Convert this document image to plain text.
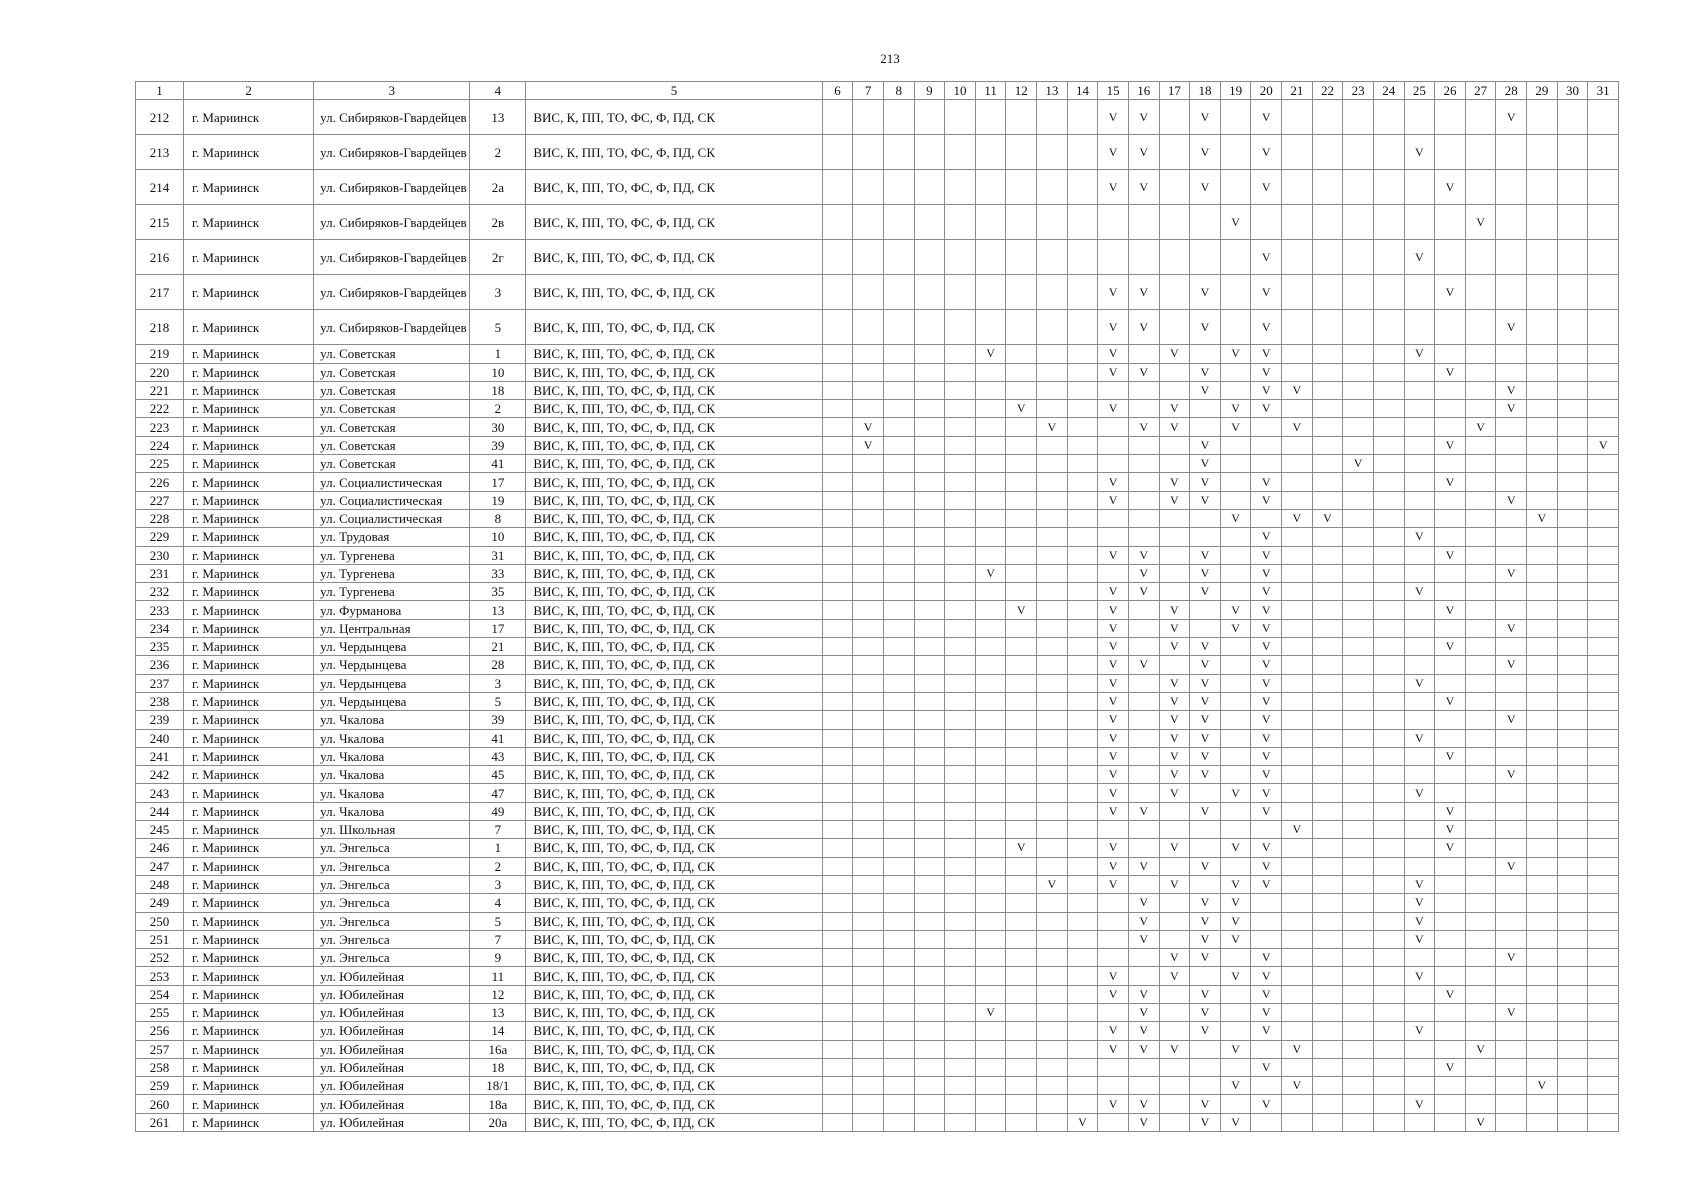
213
1	2	3	4	5	6	7	8	9	10	11	12	13	14	15	16	17	18	19	20	21	22	23	24	25	26	27	28	29	30	31
212	г. Мариинск	ул. Сибиряков-Гвардейцев	13	ВИС, К, ПП, ТО, ФС, Ф, ПД, СК										V	V		V		V								V			
213	г. Мариинск	ул. Сибиряков-Гвардейцев	2	ВИС, К, ПП, ТО, ФС, Ф, ПД, СК										V	V		V		V					V						
214	г. Мариинск	ул. Сибиряков-Гвардейцев	2а	ВИС, К, ПП, ТО, ФС, Ф, ПД, СК										V	V		V		V						V					
215	г. Мариинск	ул. Сибиряков-Гвардейцев	2в	ВИС, К, ПП, ТО, ФС, Ф, ПД, СК														V								V				
216	г. Мариинск	ул. Сибиряков-Гвардейцев	2г	ВИС, К, ПП, ТО, ФС, Ф, ПД, СК															V					V						
217	г. Мариинск	ул. Сибиряков-Гвардейцев	3	ВИС, К, ПП, ТО, ФС, Ф, ПД, СК										V	V		V		V						V					
218	г. Мариинск	ул. Сибиряков-Гвардейцев	5	ВИС, К, ПП, ТО, ФС, Ф, ПД, СК										V	V		V		V								V			
219	г. Мариинск	ул. Советская	1	ВИС, К, ПП, ТО, ФС, Ф, ПД, СК						V				V		V		V	V					V						
220	г. Мариинск	ул. Советская	10	ВИС, К, ПП, ТО, ФС, Ф, ПД, СК										V	V		V		V						V					
221	г. Мариинск	ул. Советская	18	ВИС, К, ПП, ТО, ФС, Ф, ПД, СК													V		V	V							V			
222	г. Мариинск	ул. Советская	2	ВИС, К, ПП, ТО, ФС, Ф, ПД, СК							V			V		V		V	V								V			
223	г. Мариинск	ул. Советская	30	ВИС, К, ПП, ТО, ФС, Ф, ПД, СК		V						V			V	V		V		V						V				
224	г. Мариинск	ул. Советская	39	ВИС, К, ПП, ТО, ФС, Ф, ПД, СК		V											V								V					V
225	г. Мариинск	ул. Советская	41	ВИС, К, ПП, ТО, ФС, Ф, ПД, СК													V					V								
226	г. Мариинск	ул. Социалистическая	17	ВИС, К, ПП, ТО, ФС, Ф, ПД, СК										V		V	V		V						V					
227	г. Мариинск	ул. Социалистическая	19	ВИС, К, ПП, ТО, ФС, Ф, ПД, СК										V		V	V		V								V			
228	г. Мариинск	ул. Социалистическая	8	ВИС, К, ПП, ТО, ФС, Ф, ПД, СК														V		V	V							V		
229	г. Мариинск	ул. Трудовая	10	ВИС, К, ПП, ТО, ФС, Ф, ПД, СК															V					V						
230	г. Мариинск	ул. Тургенева	31	ВИС, К, ПП, ТО, ФС, Ф, ПД, СК										V	V		V		V						V					
231	г. Мариинск	ул. Тургенева	33	ВИС, К, ПП, ТО, ФС, Ф, ПД, СК						V					V		V		V								V			
232	г. Мариинск	ул. Тургенева	35	ВИС, К, ПП, ТО, ФС, Ф, ПД, СК										V	V		V		V					V						
233	г. Мариинск	ул. Фурманова	13	ВИС, К, ПП, ТО, ФС, Ф, ПД, СК							V			V		V		V	V						V					
234	г. Мариинск	ул. Центральная	17	ВИС, К, ПП, ТО, ФС, Ф, ПД, СК										V		V		V	V								V			
235	г. Мариинск	ул. Чердынцева	21	ВИС, К, ПП, ТО, ФС, Ф, ПД, СК										V		V	V		V						V					
236	г. Мариинск	ул. Чердынцева	28	ВИС, К, ПП, ТО, ФС, Ф, ПД, СК										V	V		V		V								V			
237	г. Мариинск	ул. Чердынцева	3	ВИС, К, ПП, ТО, ФС, Ф, ПД, СК										V		V	V		V					V						
238	г. Мариинск	ул. Чердынцева	5	ВИС, К, ПП, ТО, ФС, Ф, ПД, СК										V		V	V		V						V					
239	г. Мариинск	ул. Чкалова	39	ВИС, К, ПП, ТО, ФС, Ф, ПД, СК										V		V	V		V								V			
240	г. Мариинск	ул. Чкалова	41	ВИС, К, ПП, ТО, ФС, Ф, ПД, СК										V		V	V		V					V						
241	г. Мариинск	ул. Чкалова	43	ВИС, К, ПП, ТО, ФС, Ф, ПД, СК										V		V	V		V						V					
242	г. Мариинск	ул. Чкалова	45	ВИС, К, ПП, ТО, ФС, Ф, ПД, СК										V		V	V		V								V			
243	г. Мариинск	ул. Чкалова	47	ВИС, К, ПП, ТО, ФС, Ф, ПД, СК										V		V		V	V					V						
244	г. Мариинск	ул. Чкалова	49	ВИС, К, ПП, ТО, ФС, Ф, ПД, СК										V	V		V		V						V					
245	г. Мариинск	ул. Школьная	7	ВИС, К, ПП, ТО, ФС, Ф, ПД, СК																V					V					
246	г. Мариинск	ул. Энгельса	1	ВИС, К, ПП, ТО, ФС, Ф, ПД, СК							V			V		V		V	V						V					
247	г. Мариинск	ул. Энгельса	2	ВИС, К, ПП, ТО, ФС, Ф, ПД, СК										V	V		V		V								V			
248	г. Мариинск	ул. Энгельса	3	ВИС, К, ПП, ТО, ФС, Ф, ПД, СК								V		V		V		V	V					V						
249	г. Мариинск	ул. Энгельса	4	ВИС, К, ПП, ТО, ФС, Ф, ПД, СК											V		V	V						V						
250	г. Мариинск	ул. Энгельса	5	ВИС, К, ПП, ТО, ФС, Ф, ПД, СК											V		V	V						V						
251	г. Мариинск	ул. Энгельса	7	ВИС, К, ПП, ТО, ФС, Ф, ПД, СК											V		V	V						V						
252	г. Мариинск	ул. Энгельса	9	ВИС, К, ПП, ТО, ФС, Ф, ПД, СК												V	V		V								V			
253	г. Мариинск	ул. Юбилейная	11	ВИС, К, ПП, ТО, ФС, Ф, ПД, СК										V		V		V	V					V						
254	г. Мариинск	ул. Юбилейная	12	ВИС, К, ПП, ТО, ФС, Ф, ПД, СК										V	V		V		V						V					
255	г. Мариинск	ул. Юбилейная	13	ВИС, К, ПП, ТО, ФС, Ф, ПД, СК						V					V		V		V								V			
256	г. Мариинск	ул. Юбилейная	14	ВИС, К, ПП, ТО, ФС, Ф, ПД, СК										V	V		V		V					V						
257	г. Мариинск	ул. Юбилейная	16а	ВИС, К, ПП, ТО, ФС, Ф, ПД, СК										V	V	V		V		V						V				
258	г. Мариинск	ул. Юбилейная	18	ВИС, К, ПП, ТО, ФС, Ф, ПД, СК															V						V					
259	г. Мариинск	ул. Юбилейная	18/1	ВИС, К, ПП, ТО, ФС, Ф, ПД, СК														V		V								V		
260	г. Мариинск	ул. Юбилейная	18а	ВИС, К, ПП, ТО, ФС, Ф, ПД, СК										V	V		V		V					V						
261	г. Мариинск	ул. Юбилейная	20а	ВИС, К, ПП, ТО, ФС, Ф, ПД, СК									V		V		V	V								V				
